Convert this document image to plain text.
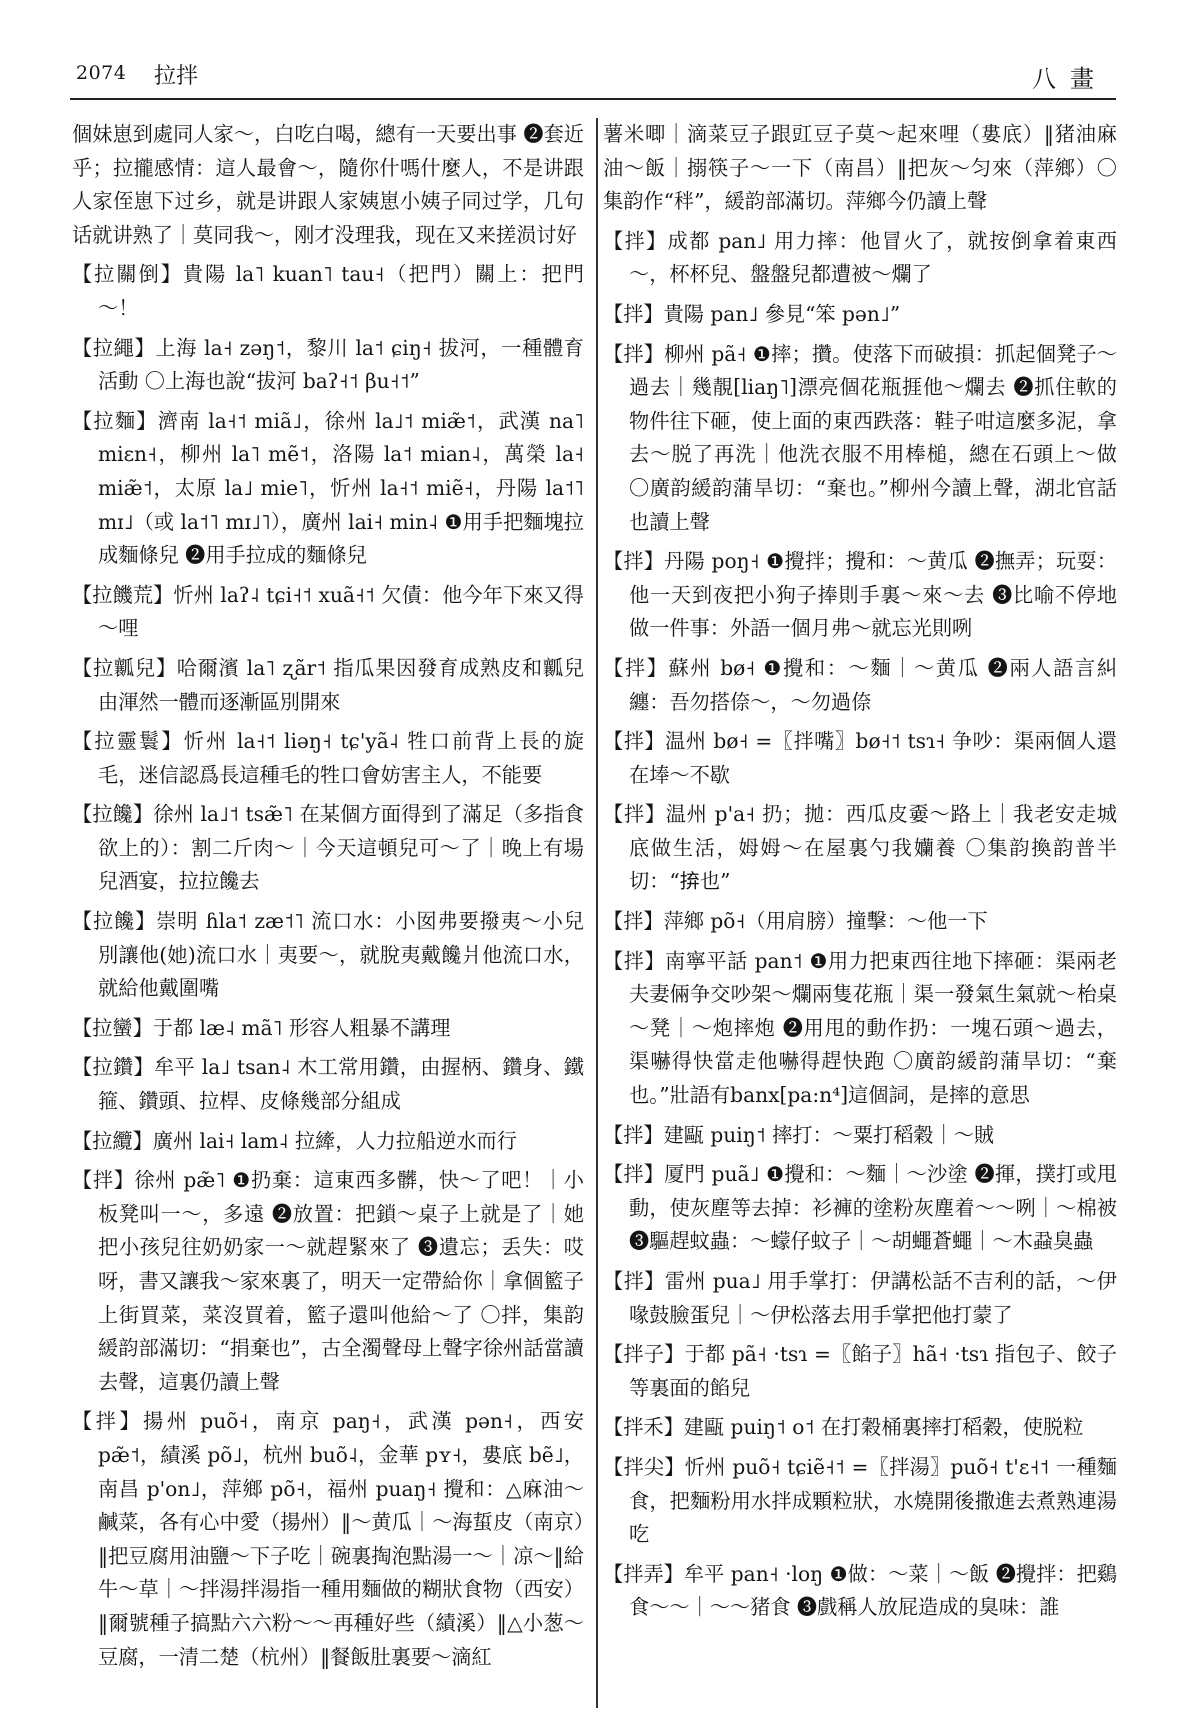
2074 拉拌	八畫

個妹崽到處同人家～，白吃白喝，總有一天要出事 ❷套近乎；拉攏感情：這人最會～，隨你什嗎什麼人，不是讲跟人家侄崽下过乡，就是讲跟人家姨崽小姨子同过学，几句话就讲熟了｜莫同我～，刚才没理我，现在又来搓涢讨好

【拉關倒】貴陽 la˥ kuan˥ tau˧（把門）關上：把門～！

【拉繩】上海 la˧ zəŋ˦，黎川 la˦ ɕiŋ˧ 拔河，一種體育活動 〇上海也說“拔河 baʔ˧˦ βu˧˦”

【拉麵】濟南 la˧˦ miã˩，徐州 la˩˦ miæ̃˦，武漢 na˥ miɛn˧，柳州 la˥ mẽ˦，洛陽 la˦ mian˨，萬榮 la˧ miæ̃˦，太原 la˩ mie˥，忻州 la˧˦ miẽ˧，丹陽 la˦˥ mɪ˩（或 la˦˥ mɪ˩˥），廣州 lai˧ min˨ ❶用手把麵塊拉成麵條兒 ❷用手拉成的麵條兒

【拉饑荒】忻州 laʔ˨ tɕi˧˦ xuã˧˦ 欠債：他今年下來又得～哩

【拉瓤兒】哈爾濱 la˥ ʐãr˦ 指瓜果因發育成熟皮和瓤兒由渾然一體而逐漸區別開來

【拉靈鬟】忻州 la˧˦ liəŋ˧ tɕ'yã˨ 牲口前背上長的旋毛，迷信認爲長這種毛的牲口會妨害主人，不能要

【拉饞】徐州 la˩˦ tsæ̃˥ 在某個方面得到了滿足（多指食欲上的）：割二斤肉～｜今天這頓兒可～了｜晚上有場兒酒宴，拉拉饞去

【拉饞】崇明 ɦla˦ zæ˦˥ 流口水：小囡弗要撥夷～小兒別讓他(她)流口水｜夷要～，就脫夷戴饞爿他流口水，就給他戴圍嘴

【拉蠻】于都 læ˨ mã˥ 形容人粗暴不講理

【拉鑽】牟平 la˩ tsan˨ 木工常用鑽，由握柄、鑽身、鐵箍、鑽頭、拉桿、皮條幾部分組成

【拉纜】廣州 lai˧ lam˨ 拉縴，人力拉船逆水而行

【拌】徐州 pæ̃˥ ❶扔棄：這東西多髒，快～了吧！｜小板凳叫一～，多遠 ❷放置：把鎖～桌子上就是了｜她把小孩兒往奶奶家一～就趕緊來了 ❸遺忘；丢失：哎呀，書又讓我～家來裏了，明天一定帶給你｜拿個籃子上街買菜，菜沒買着，籃子還叫他給～了 〇拌，集韵緩韵部滿切：“捐棄也”，古全濁聲母上聲字徐州話當讀去聲，這裏仍讀上聲

【拌】揚州 puõ˧，南京 paŋ˧，武漢 pən˧，西安 pæ̃˦，績溪 põ˩，杭州 buõ˨，金華 pʏ˧，婁底 bẽ˩，南昌 p'on˩，萍鄉 põ˧，福州 puaŋ˧ 攪和：△麻油～鹹菜，各有心中愛（揚州）‖～黄瓜｜～海蜇皮（南京）‖把豆腐用油鹽～下子吃｜碗裏掏泡點湯一～｜凉～‖給牛～草｜～拌湯拌湯指一種用麵做的糊狀食物（西安）‖爾號種子搞點六六粉～～再種好些（績溪）‖△小葱～豆腐，一清二楚（杭州）‖餐飯肚裏要～滴紅

薯米唧｜滴菜豆子跟豇豆子莫～起來哩（婁底）‖猪油麻油～飯｜搦筷子～一下（南昌）‖把灰～匀來（萍鄉）〇集韵作“秚”，緩韵部滿切。萍鄉今仍讀上聲

【拌】成都 pan˩ 用力摔：他冒火了，就按倒拿着東西～，杯杯兒、盤盤兒都遭被～爛了

【拌】貴陽 pan˩ 參見“笨 pən˩”

【拌】柳州 pã˧ ❶摔；攢。使落下而破損：抓起個凳子～過去｜幾靚[liaŋ˥]漂亮個花瓶捱他～爛去 ❷抓住軟的物件往下砸，使上面的東西跌落：鞋子咁這麼多泥，拿去～脱了再洗｜他洗衣服不用棒槌，總在石頭上～做 〇廣韵緩韵蒲旱切：“棄也。”柳州今讀上聲，湖北官話也讀上聲

【拌】丹陽 poŋ˧ ❶攪拌；攪和：～黄瓜 ❷撫弄；玩耍：他一天到夜把小狗子捧則手裏～來～去 ❸比喻不停地做一件事：外語一個月弗～就忘光則咧

【拌】蘇州 bø˧ ❶攪和：～麵｜～黄瓜 ❷兩人語言糾纏：吾勿搭倷～，～勿過倷

【拌】温州 bø˧ =〖拌嘴〗bø˧˦ tsɿ˧ 争吵：渠兩個人還在埲～不歇

【拌】温州 p'a˧ 扔；拋：西瓜皮嫑～路上｜我老安走城底做生活，姆姆～在屋裏勺我孏養 〇集韵換韵普半切：“𢬵也”

【拌】萍鄉 põ˧（用肩膀）撞擊：～他一下

【拌】南寧平話 pan˦ ❶用力把東西往地下摔砸：渠兩老夫妻倆争交吵架～爛兩隻花瓶｜渠一發氣生氣就～枱桌～凳｜～炮摔炮 ❷用甩的動作扔：一塊石頭～過去，渠嚇得快當走他嚇得趕快跑 〇廣韵緩韵蒲旱切：“棄也。”壯語有banx[pa:n⁴]這個詞，是摔的意思

【拌】建甌 puiŋ˦ 摔打：～粟打稻穀｜～賊

【拌】厦門 puã˩ ❶攪和：～麵｜～沙塗 ❷揮，撲打或甩動，使灰塵等去掉：衫褲的塗粉灰塵着～～咧｜～棉被 ❸驅趕蚊蟲：～蠓仔蚊子｜～胡蠅蒼蠅｜～木蝨臭蟲

【拌】雷州 pua˩ 用手掌打：伊講松話不吉利的話，～伊喙鼓臉蛋兒｜～伊松落去用手掌把他打蒙了

【拌子】于都 pã˧ ·tsɿ =〖餡子〗hã˧ ·tsɿ 指包子、餃子等裏面的餡兒

【拌禾】建甌 puiŋ˦ o˦ 在打穀桶裏摔打稻穀，使脱粒

【拌尖】忻州 puõ˧ tɕiẽ˧˦ =〖拌湯〗puõ˧ t'ɛ˧˦ 一種麵食，把麵粉用水拌成顆粒狀，水燒開後撒進去煮熟連湯吃

【拌弄】牟平 pan˧ ·loŋ ❶做：～菜｜～飯 ❷攪拌：把鷄食～～｜～～猪食 ❸戲稱人放屁造成的臭味：誰
